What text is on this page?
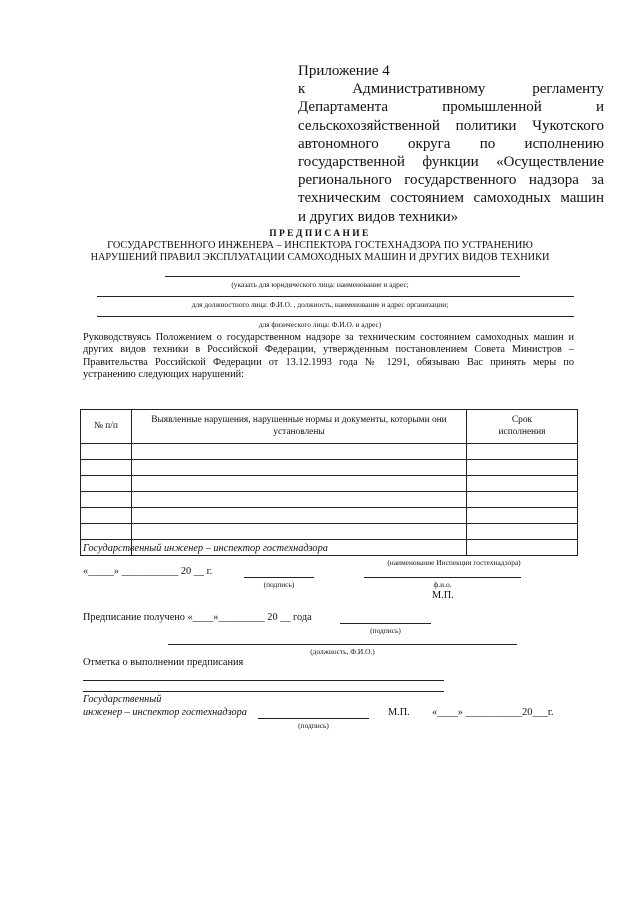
Приложение 4
к Административному регламенту
Департамента промышленной и
сельскохозяйственной политики Чукотского
автономного округа по исполнению
государственной функции «Осуществление
регионального государственного надзора за
техническим состоянием самоходных машин
и других видов техники»
ПРЕДПИСАНИЕ
ГОСУДАРСТВЕННОГО ИНЖЕНЕРА – ИНСПЕКТОРА ГОСТЕХНАДЗОРА ПО УСТРАНЕНИЮ
НАРУШЕНИЙ ПРАВИЛ ЭКСПЛУАТАЦИИ САМОХОДНЫХ МАШИН И ДРУГИХ ВИДОВ ТЕХНИКИ
(указать для юридического лица: наименование и адрес;
для должностного лица: Ф.И.О. , должность, наименование и адрес организации;
для физического лица: Ф.И.О. и адрес)
Руководствуясь Положением о государственном надзоре за техническим состоянием самоходных машин и
других видов техники в Российской Федерации, утвержденным постановлением Совета Министров –
Правительства Российской Федерации от 13.12.1993 года № 1291, обязываю Вас принять меры по
устранению следующих нарушений:
№ п/п	Выявленные нарушения, нарушенные нормы и документы, которыми они установлены	Срок исполнения

Государственный инженер – инспектор гостехнадзора
(наименование Инспекции гостехнадзора)
«_____» ___________ 20 __ г.
(подпись)	ф.и.о.
М.П.
Предписание получено «____»_________ 20 __ года
(подпись)
(должность, Ф.И.О.)
Отметка о выполнении предписания
Государственный
инженер – инспектор гостехнадзора
(подпись)
М.П. «____» ___________20___г.
